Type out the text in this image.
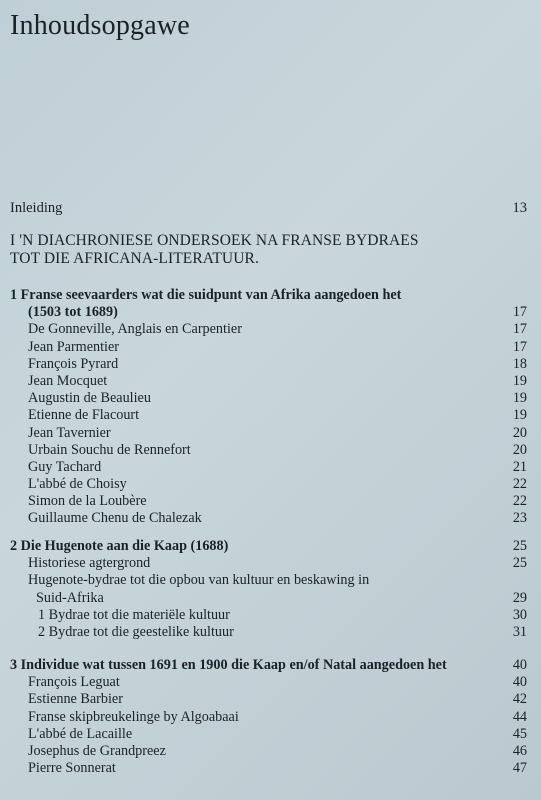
Inhoudsopgawe
Inleiding	13
I 'N DIACHRONIESE ONDERSOEK NA FRANSE BYDRAES
TOT DIE AFRICANA-LITERATUUR.
1 Franse seevaarders wat die suidpunt van Afrika aangedoen het
(1503 tot 1689)	17
De Gonneville, Anglais en Carpentier	17
Jean Parmentier	17
François Pyrard	18
Jean Mocquet	19
Augustin de Beaulieu	19
Etienne de Flacourt	19
Jean Tavernier	20
Urbain Souchu de Rennefort	20
Guy Tachard	21
L'abbé de Choisy	22
Simon de la Loubère	22
Guillaume Chenu de Chalezak	23
2 Die Hugenote aan die Kaap (1688)	25
Historiese agtergrond	25
Hugenote-bydrae tot die opbou van kultuur en beskawing in
Suid-Afrika	29
1 Bydrae tot die materiële kultuur	30
2 Bydrae tot die geestelike kultuur	31
3 Individue wat tussen 1691 en 1900 die Kaap en/of Natal aangedoen het	40
François Leguat	40
Estienne Barbier	42
Franse skipbreukelinge by Algoabaai	44
L'abbé de Lacaille	45
Josephus de Grandpreez	46
Pierre Sonnerat	47
